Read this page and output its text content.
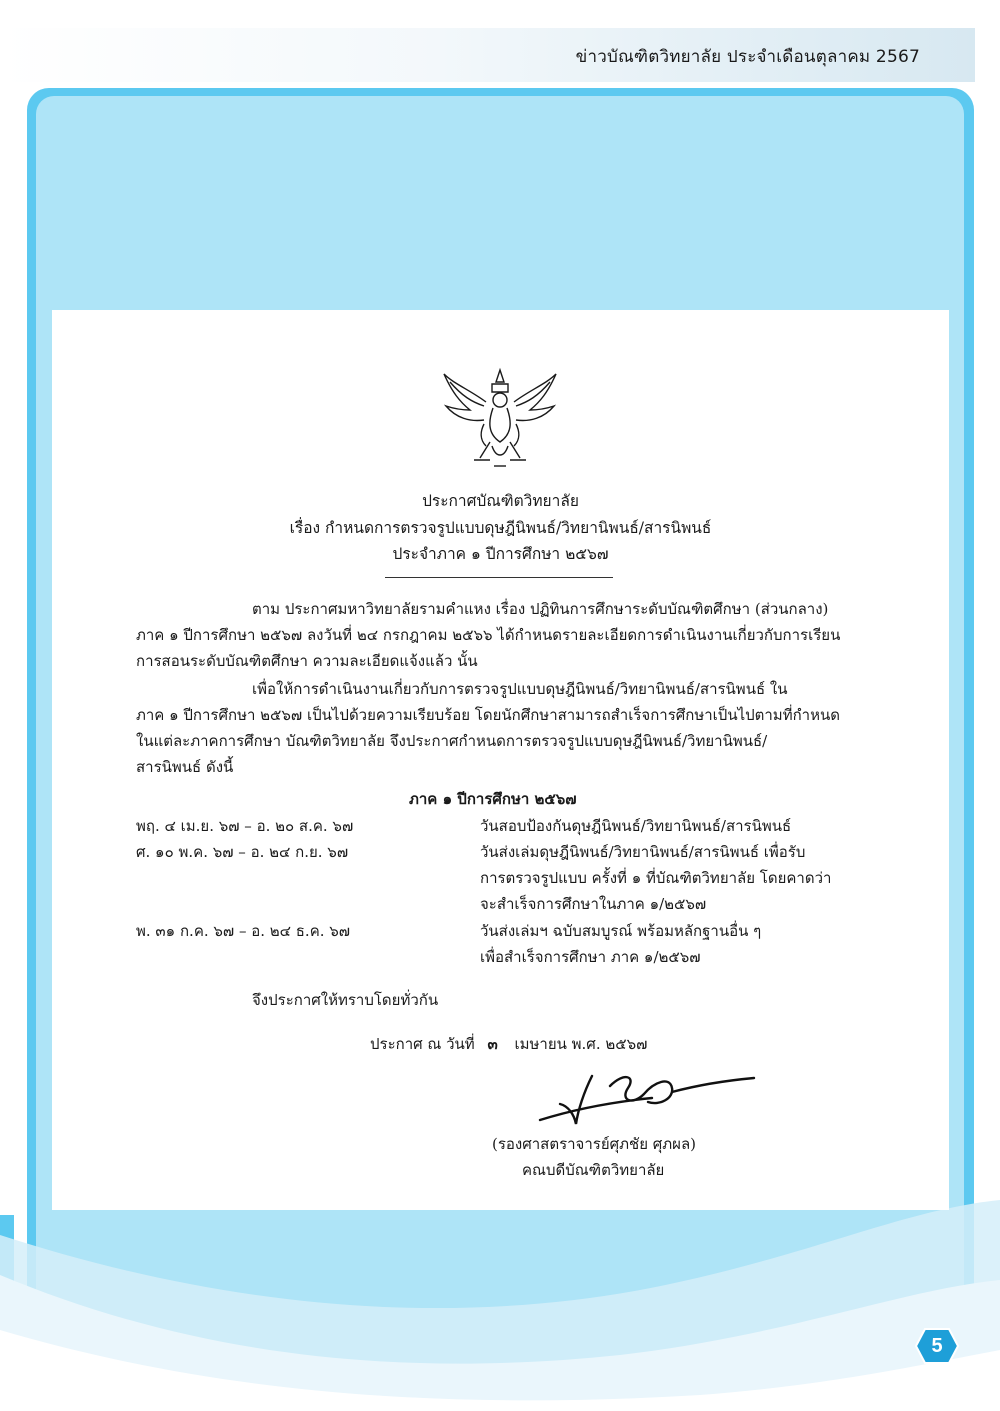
ข่าวบัณฑิตวิทยาลัย ประจำเดือนตุลาคม 2567
ประกาศบัณฑิตวิทยาลัย
เรื่อง กำหนดการตรวจรูปแบบดุษฎีนิพนธ์/วิทยานิพนธ์/สารนิพนธ์
ประจำภาค ๑ ปีการศึกษา ๒๕๖๗
ตาม ประกาศมหาวิทยาลัยรามคำแหง เรื่อง ปฏิทินการศึกษาระดับบัณฑิตศึกษา (ส่วนกลาง)
ภาค ๑ ปีการศึกษา ๒๕๖๗ ลงวันที่ ๒๔ กรกฎาคม ๒๕๖๖ ได้กำหนดรายละเอียดการดำเนินงานเกี่ยวกับการเรียน
การสอนระดับบัณฑิตศึกษา ความละเอียดแจ้งแล้ว นั้น
เพื่อให้การดำเนินงานเกี่ยวกับการตรวจรูปแบบดุษฎีนิพนธ์/วิทยานิพนธ์/สารนิพนธ์ ใน
ภาค ๑ ปีการศึกษา ๒๕๖๗ เป็นไปด้วยความเรียบร้อย โดยนักศึกษาสามารถสำเร็จการศึกษาเป็นไปตามที่กำหนด
ในแต่ละภาคการศึกษา บัณฑิตวิทยาลัย จึงประกาศกำหนดการตรวจรูปแบบดุษฎีนิพนธ์/วิทยานิพนธ์/
สารนิพนธ์ ดังนี้
ภาค ๑ ปีการศึกษา ๒๕๖๗
พฤ. ๔ เม.ย. ๖๗ – อ. ๒๐ ส.ค. ๖๗	วันสอบป้องกันดุษฎีนิพนธ์/วิทยานิพนธ์/สารนิพนธ์
ศ. ๑๐ พ.ค. ๖๗ – อ. ๒๔ ก.ย. ๖๗	วันส่งเล่มดุษฎีนิพนธ์/วิทยานิพนธ์/สารนิพนธ์ เพื่อรับ
การตรวจรูปแบบ ครั้งที่ ๑ ที่บัณฑิตวิทยาลัย โดยคาดว่า
จะสำเร็จการศึกษาในภาค ๑/๒๕๖๗
พ. ๓๑ ก.ค. ๖๗ – อ. ๒๔ ธ.ค. ๖๗	วันส่งเล่มฯ ฉบับสมบูรณ์ พร้อมหลักฐานอื่น ๆ
เพื่อสำเร็จการศึกษา ภาค ๑/๒๕๖๗
จึงประกาศให้ทราบโดยทั่วกัน
ประกาศ ณ วันที่ ๓ เมษายน พ.ศ. ๒๕๖๗
(รองศาสตราจารย์ศุภชัย ศุภผล)
คณบดีบัณฑิตวิทยาลัย
5
